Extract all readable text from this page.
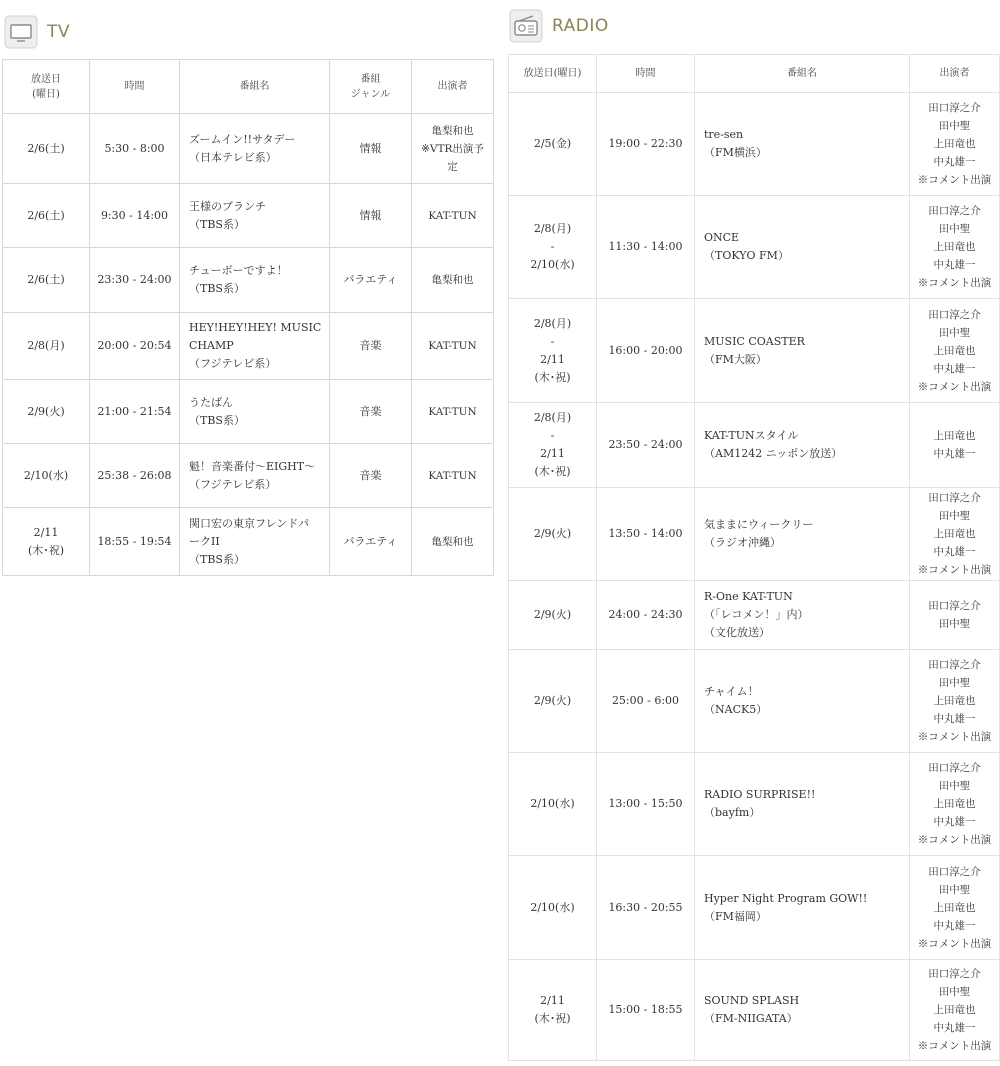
TV
放送日
(曜日)	時間	番組名	番組
ジャンル	出演者

2/6(土)	5:30 - 8:00	ズームイン!!サタデー
（日本テレビ系）	情報	亀梨和也
※VTR出演予
定

2/6(土)	9:30 - 14:00	王様のブランチ
（TBS系）	情報	KAT-TUN

2/6(土)	23:30 - 24:00	チューボーですよ！
（TBS系）	バラエティ	亀梨和也

2/8(月)	20:00 - 20:54	HEY!HEY!HEY! MUSIC
CHAMP
（フジテレビ系）	音楽	KAT-TUN

2/9(火)	21:00 - 21:54	うたばん
（TBS系）	音楽	KAT-TUN

2/10(水)	25:38 - 26:08	魁！音楽番付～EIGHT～
（フジテレビ系）	音楽	KAT-TUN

2/11
(木･祝)	18:55 - 19:54	関口宏の東京フレンドパ
ークII
（TBS系）	バラエティ	亀梨和也
RADIO
放送日(曜日)	時間	番組名	出演者

2/5(金)	19:00 - 22:30	tre-sen
（FM横浜）	田口淳之介
田中聖
上田竜也
中丸雄一
※コメント出演

2/8(月)
-
2/10(水)	11:30 - 14:00	ONCE
（TOKYO FM）	田口淳之介
田中聖
上田竜也
中丸雄一
※コメント出演

2/8(月)
-
2/11
(木･祝)	16:00 - 20:00	MUSIC COASTER
（FM大阪）	田口淳之介
田中聖
上田竜也
中丸雄一
※コメント出演

2/8(月)
-
2/11
(木･祝)	23:50 - 24:00	KAT-TUNスタイル
（AM1242 ニッポン放送）	上田竜也
中丸雄一

2/9(火)	13:50 - 14:00	気ままにウィークリー
（ラジオ沖縄）	田口淳之介
田中聖
上田竜也
中丸雄一
※コメント出演

2/9(火)	24:00 - 24:30	R-One KAT-TUN
（「レコメン！」内）
（文化放送）	田口淳之介
田中聖

2/9(火)	25:00 - 6:00	チャイム！
（NACK5）	田口淳之介
田中聖
上田竜也
中丸雄一
※コメント出演

2/10(水)	13:00 - 15:50	RADIO SURPRISE!!
（bayfm）	田口淳之介
田中聖
上田竜也
中丸雄一
※コメント出演

2/10(水)	16:30 - 20:55	Hyper Night Program GOW!!
（FM福岡）	田口淳之介
田中聖
上田竜也
中丸雄一
※コメント出演

2/11
(木･祝)	15:00 - 18:55	SOUND SPLASH
（FM-NIIGATA）	田口淳之介
田中聖
上田竜也
中丸雄一
※コメント出演
